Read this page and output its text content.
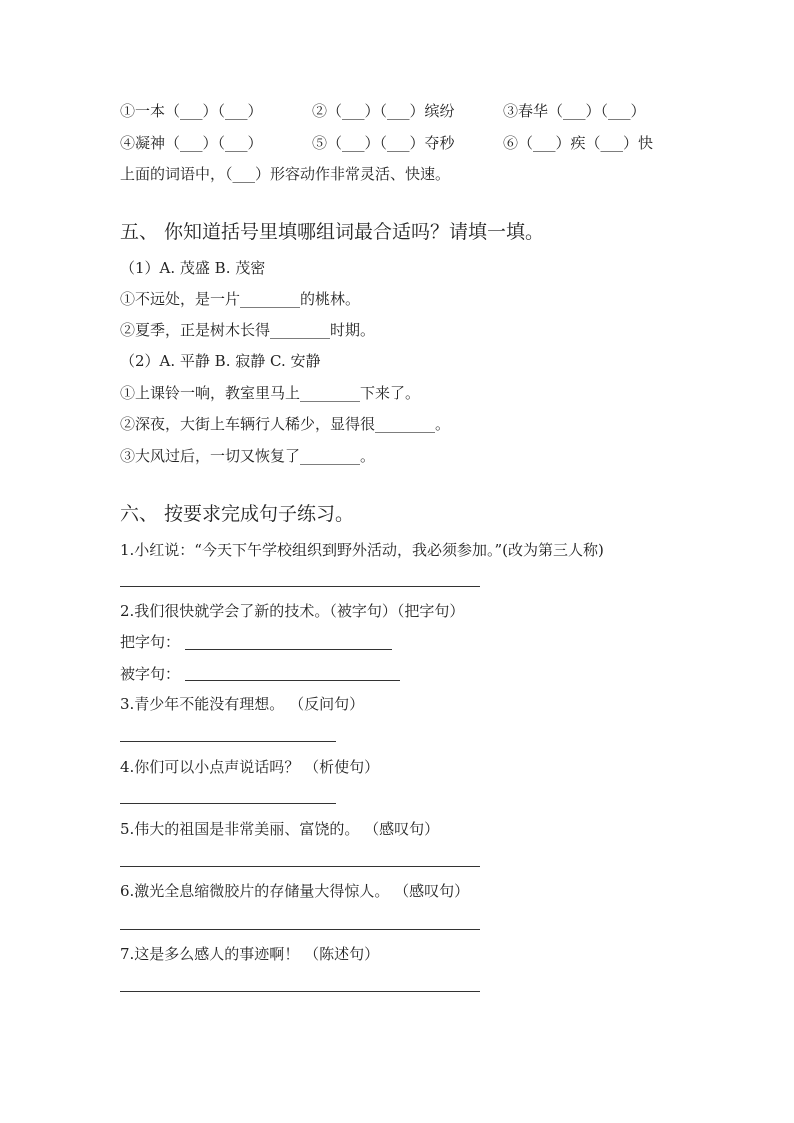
①一本（___）（___）	②（___）（___）缤纷	③春华（___）（___）
④凝神（___）（___）	⑤（___）（___）夺秒	⑥（___）疾（___）快
上面的词语中，（___）形容动作非常灵活、快速。
五、 你知道括号里填哪组词最合适吗？请填一填。
（1）A. 茂盛 B. 茂密
①不远处，是一片________的桃林。
②夏季，正是树木长得________时期。
（2）A. 平静 B. 寂静 C. 安静
①上课铃一响，教室里马上________下来了。
②深夜，大街上车辆行人稀少，显得很________。
③大风过后，一切又恢复了________。
六、 按要求完成句子练习。
1.小红说：“今天下午学校组织到野外活动，我必须参加。”(改为第三人称)
2.我们很快就学会了新的技术。（被字句）（把字句）
把字句：
被字句：
3.青少年不能没有理想。 （反问句）
4.你们可以小点声说话吗？ （析使句）
5.伟大的祖国是非常美丽、富饶的。 （感叹句）
6.激光全息缩微胶片的存储量大得惊人。 （感叹句）
7.这是多么感人的事迹啊！ （陈述句）
